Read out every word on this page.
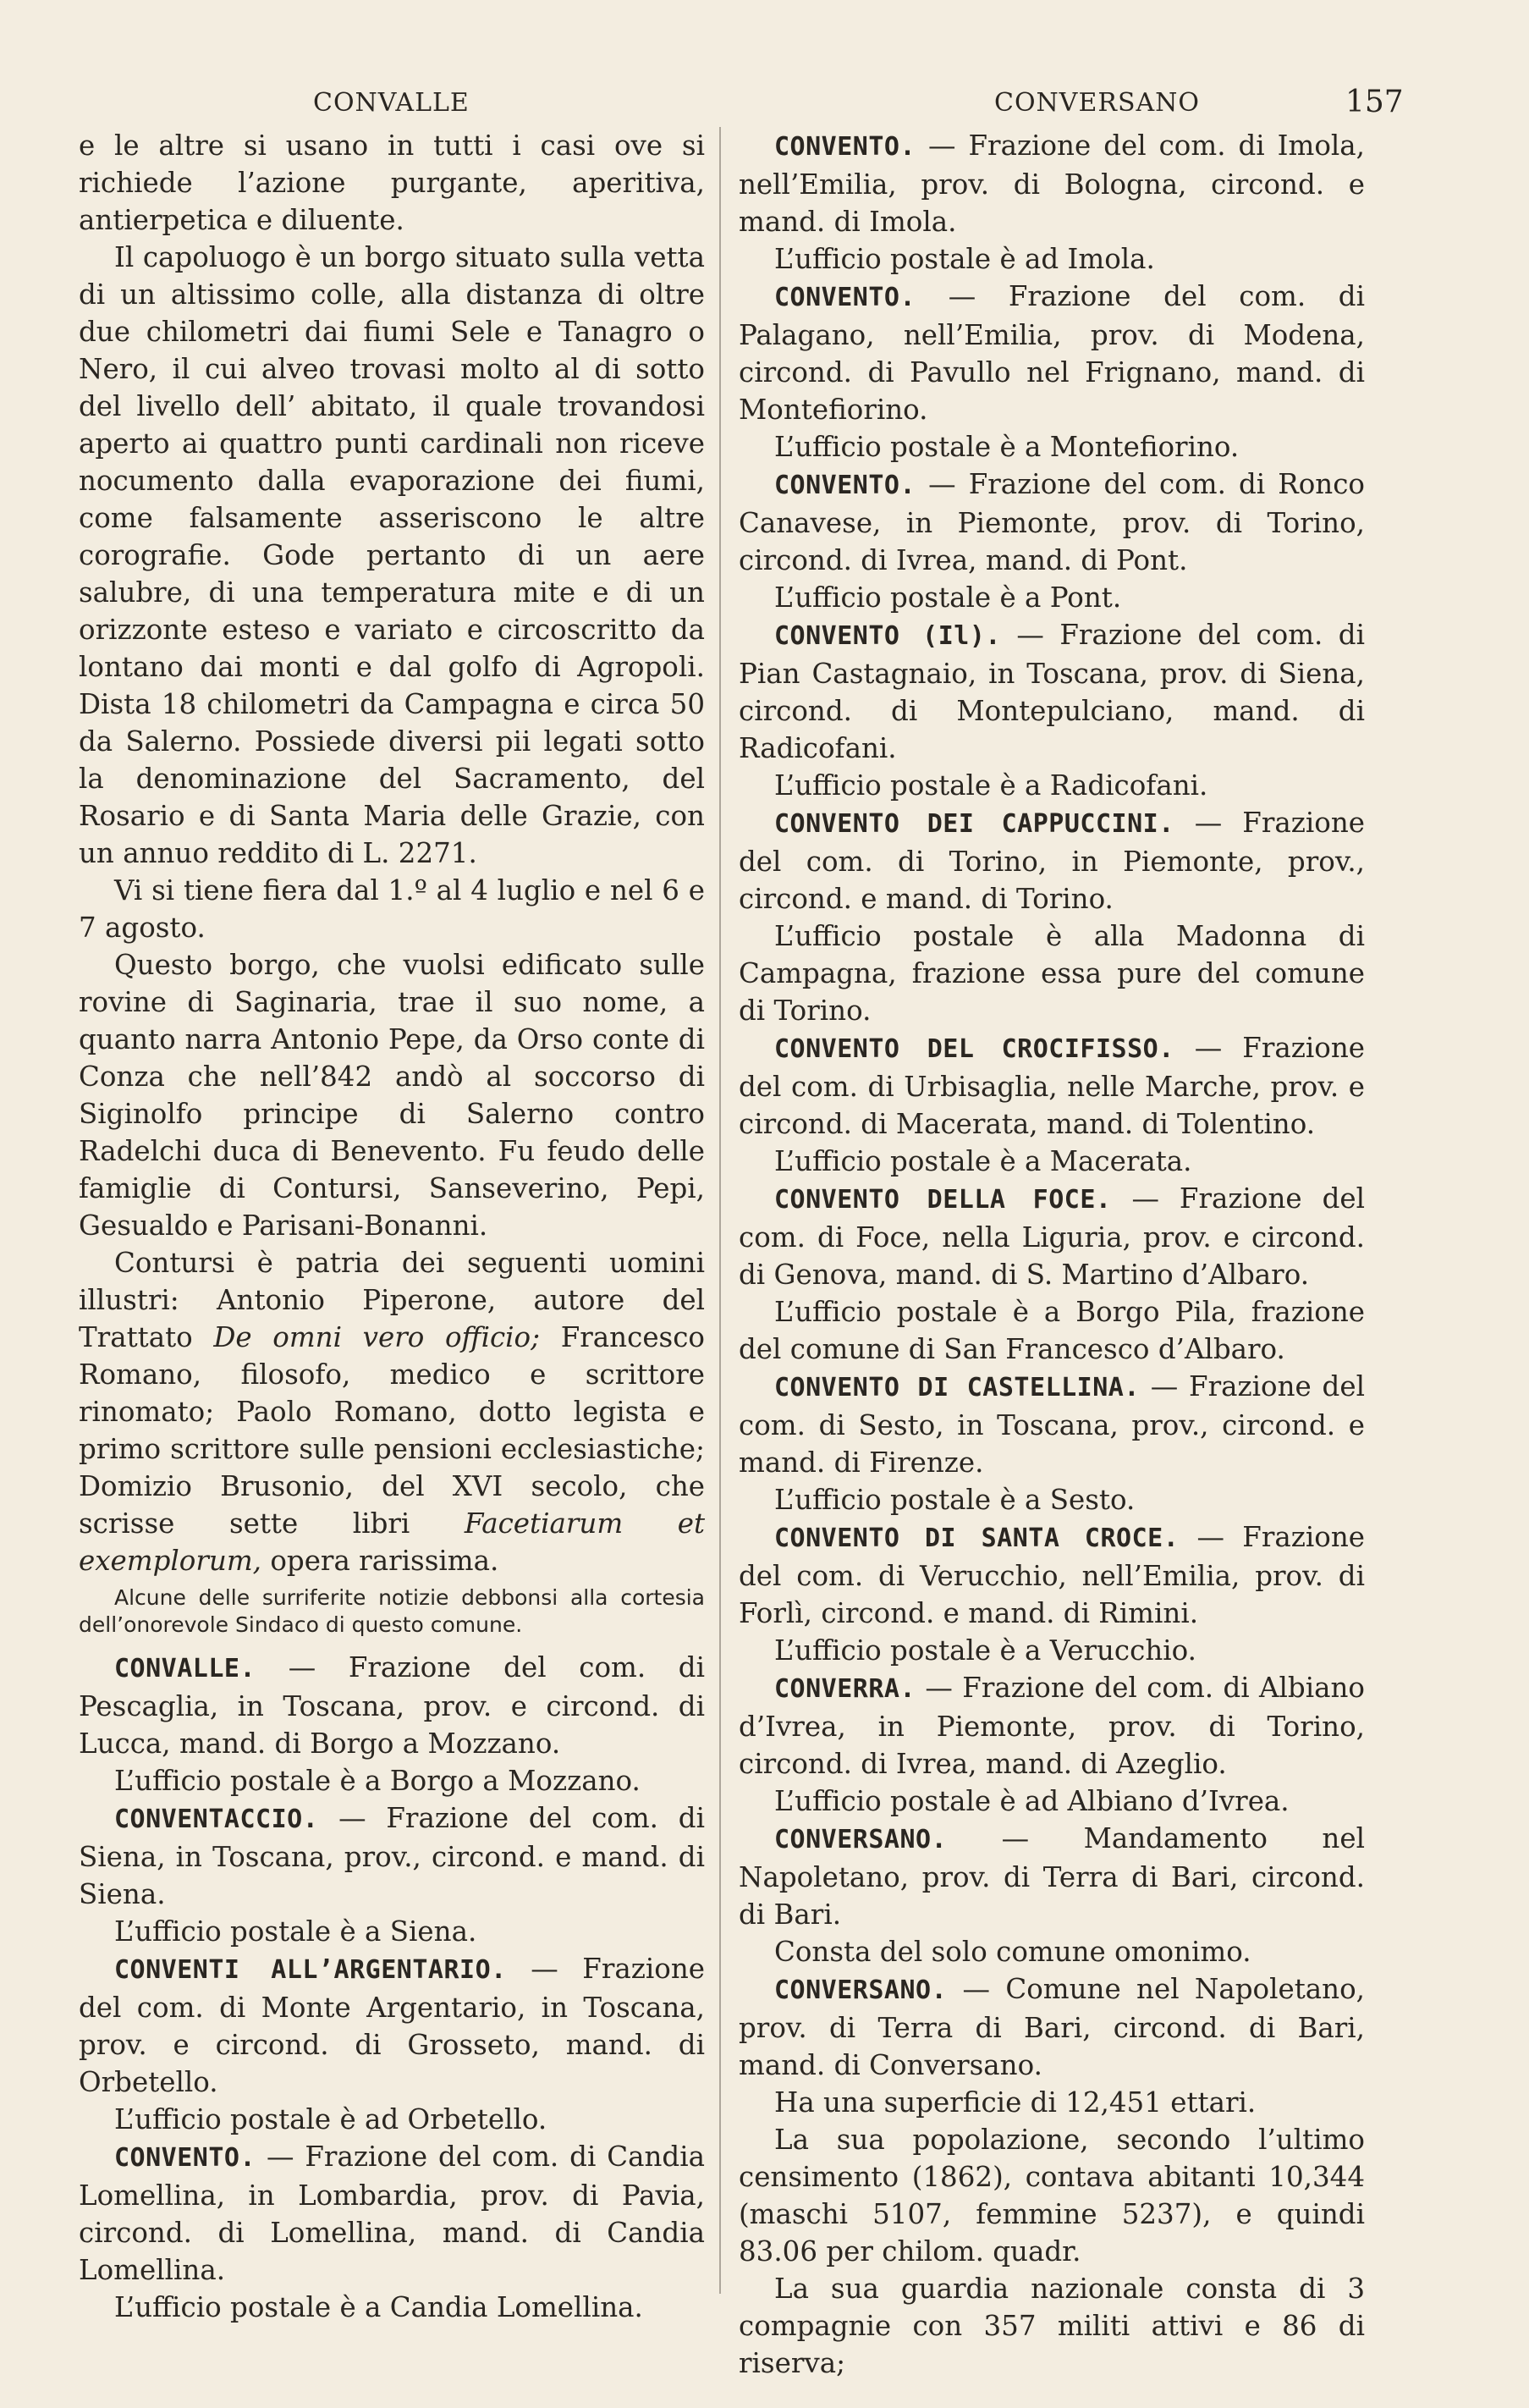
CONVALLE	CONVERSANO	157

e le altre si usano in tutti i casi ove si richiede l’azione purgante, aperitiva, antierpetica e diluente.

Il capoluogo è un borgo situato sulla vetta di un altissimo colle, alla distanza di oltre due chilometri dai fiumi Sele e Tanagro o Nero, il cui alveo trovasi molto al di sotto del livello dell’ abitato, il quale trovandosi aperto ai quattro punti cardinali non riceve nocumento dalla evaporazione dei fiumi, come falsamente asseriscono le altre corografie. Gode pertanto di un aere salubre, di una temperatura mite e di un orizzonte esteso e variato e circoscritto da lontano dai monti e dal golfo di Agropoli. Dista 18 chilometri da Campagna e circa 50 da Salerno. Possiede diversi pii legati sotto la denominazione del Sacramento, del Rosario e di Santa Maria delle Grazie, con un annuo reddito di L. 2271.

Vi si tiene fiera dal 1.º al 4 luglio e nel 6 e 7 agosto.

Questo borgo, che vuolsi edificato sulle rovine di Saginaria, trae il suo nome, a quanto narra Antonio Pepe, da Orso conte di Conza che nell’842 andò al soccorso di Siginolfo principe di Salerno contro Radelchi duca di Benevento. Fu feudo delle famiglie di Contursi, Sanseverino, Pepi, Gesualdo e Parisani-Bonanni.

Contursi è patria dei seguenti uomini illustri: Antonio Piperone, autore del Trattato De omni vero officio; Francesco Romano, filosofo, medico e scrittore rinomato; Paolo Romano, dotto legista e primo scrittore sulle pensioni ecclesiastiche; Domizio Brusonio, del XVI secolo, che scrisse sette libri Facetiarum et exemplorum, opera rarissima.

Alcune delle surriferite notizie debbonsi alla cortesia dell’onorevole Sindaco di questo comune.

CONVALLE. — Frazione del com. di Pescaglia, in Toscana, prov. e circond. di Lucca, mand. di Borgo a Mozzano.

L’ufficio postale è a Borgo a Mozzano.

CONVENTACCIO. — Frazione del com. di Siena, in Toscana, prov., circond. e mand. di Siena.

L’ufficio postale è a Siena.

CONVENTI ALL’ARGENTARIO. — Frazione del com. di Monte Argentario, in Toscana, prov. e circond. di Grosseto, mand. di Orbetello.

L’ufficio postale è ad Orbetello.

CONVENTO. — Frazione del com. di Candia Lomellina, in Lombardia, prov. di Pavia, circond. di Lomellina, mand. di Candia Lomellina.

L’ufficio postale è a Candia Lomellina.

CONVENTO. — Frazione del com. di Imola, nell’Emilia, prov. di Bologna, circond. e mand. di Imola.

L’ufficio postale è ad Imola.

CONVENTO. — Frazione del com. di Palagano, nell’Emilia, prov. di Modena, circond. di Pavullo nel Frignano, mand. di Montefiorino.

L’ufficio postale è a Montefiorino.

CONVENTO. — Frazione del com. di Ronco Canavese, in Piemonte, prov. di Torino, circond. di Ivrea, mand. di Pont.

L’ufficio postale è a Pont.

CONVENTO (Il). — Frazione del com. di Pian Castagnaio, in Toscana, prov. di Siena, circond. di Montepulciano, mand. di Radicofani.

L’ufficio postale è a Radicofani.

CONVENTO DEI CAPPUCCINI. — Frazione del com. di Torino, in Piemonte, prov., circond. e mand. di Torino.

L’ufficio postale è alla Madonna di Campagna, frazione essa pure del comune di Torino.

CONVENTO DEL CROCIFISSO. — Frazione del com. di Urbisaglia, nelle Marche, prov. e circond. di Macerata, mand. di Tolentino.

L’ufficio postale è a Macerata.

CONVENTO DELLA FOCE. — Frazione del com. di Foce, nella Liguria, prov. e circond. di Genova, mand. di S. Martino d’Albaro.

L’ufficio postale è a Borgo Pila, frazione del comune di San Francesco d’Albaro.

CONVENTO DI CASTELLINA. — Frazione del com. di Sesto, in Toscana, prov., circond. e mand. di Firenze.

L’ufficio postale è a Sesto.

CONVENTO DI SANTA CROCE. — Frazione del com. di Verucchio, nell’Emilia, prov. di Forlì, circond. e mand. di Rimini.

L’ufficio postale è a Verucchio.

CONVERRA. — Frazione del com. di Albiano d’Ivrea, in Piemonte, prov. di Torino, circond. di Ivrea, mand. di Azeglio.

L’ufficio postale è ad Albiano d’Ivrea.

CONVERSANO. — Mandamento nel Napoletano, prov. di Terra di Bari, circond. di Bari.

Consta del solo comune omonimo.

CONVERSANO. — Comune nel Napoletano, prov. di Terra di Bari, circond. di Bari, mand. di Conversano.

Ha una superficie di 12,451 ettari.

La sua popolazione, secondo l’ultimo censimento (1862), contava abitanti 10,344 (maschi 5107, femmine 5237), e quindi 83.06 per chilom. quadr.

La sua guardia nazionale consta di 3 compagnie con 357 militi attivi e 86 di riserva;
